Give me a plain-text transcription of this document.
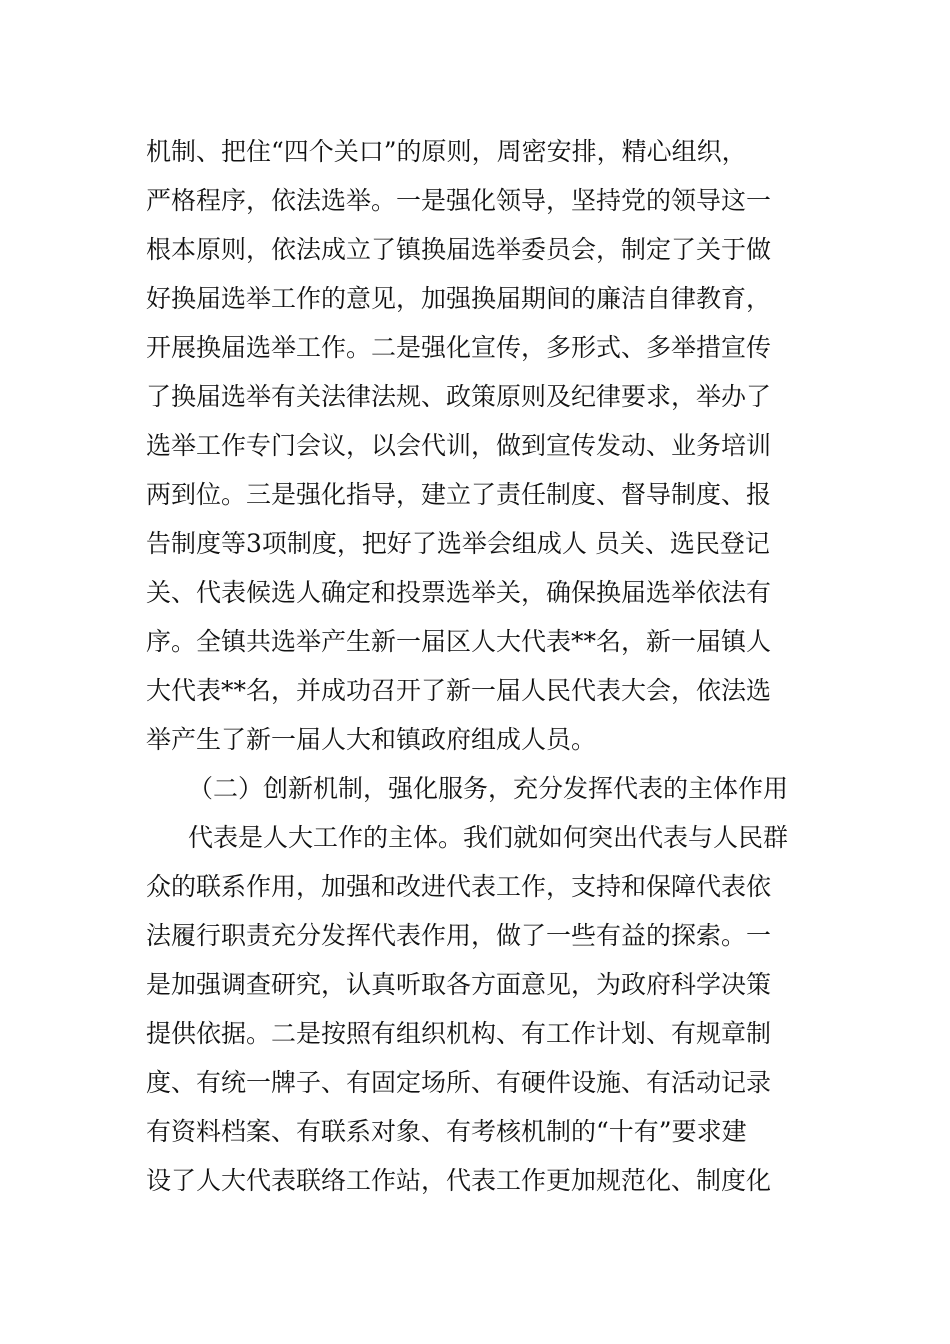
机制、把住“四个关口”的原则，周密安排，精心组织，
严格程序，依法选举。一是强化领导，坚持党的领导这一
根本原则，依法成立了镇换届选举委员会，制定了关于做
好换届选举工作的意见，加强换届期间的廉洁自律教育，
开展换届选举工作。二是强化宣传，多形式、多举措宣传
了换届选举有关法律法规、政策原则及纪律要求，举办了
选举工作专门会议，以会代训，做到宣传发动、业务培训
两到位。三是强化指导，建立了责任制度、督导制度、报
告制度等3项制度，把好了选举会组成人 员关、选民登记
关、代表候选人确定和投票选举关，确保换届选举依法有
序。全镇共选举产生新一届区人大代表**名，新一届镇人
大代表**名，并成功召开了新一届人民代表大会，依法选
举产生了新一届人大和镇政府组成人员。
（二）创新机制，强化服务，充分发挥代表的主体作用
代表是人大工作的主体。我们就如何突出代表与人民群
众的联系作用，加强和改进代表工作，支持和保障代表依
法履行职责充分发挥代表作用，做了一些有益的探索。一
是加强调查研究，认真听取各方面意见，为政府科学决策
提供依据。二是按照有组织机构、有工作计划、有规章制
度、有统一牌子、有固定场所、有硬件设施、有活动记录
有资料档案、有联系对象、有考核机制的“十有”要求建
设了人大代表联络工作站，代表工作更加规范化、制度化
